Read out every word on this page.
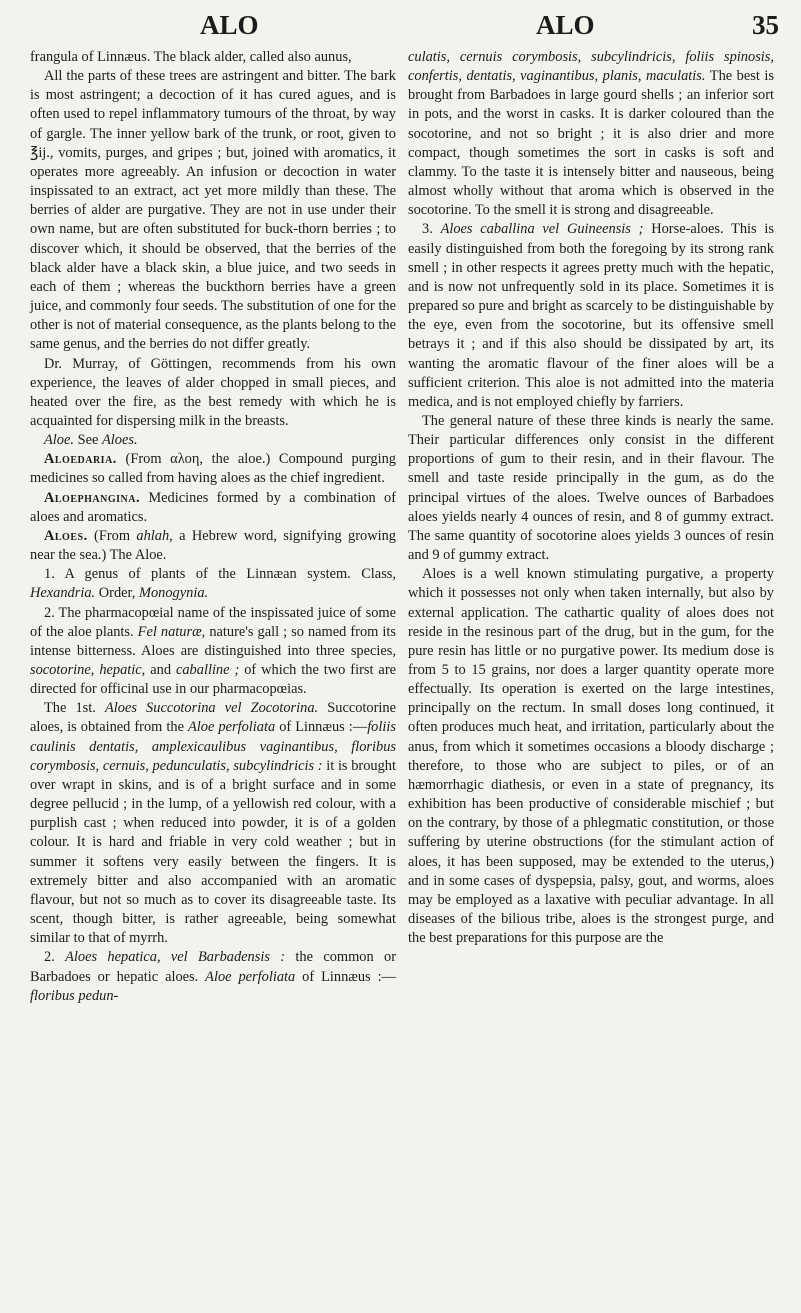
ALO	ALO	35

frangula of Linnæus. The black alder, called also aunus,

All the parts of these trees are astringent and bitter. The bark is most astringent; a decoction of it has cured agues, and is often used to repel inflammatory tumours of the throat, by way of gargle. The inner yellow bark of the trunk, or root, given to ℥ij., vomits, purges, and gripes ; but, joined with aromatics, it operates more agreeably. An infusion or decoction in water inspissated to an extract, act yet more mildly than these. The berries of alder are purgative. They are not in use under their own name, but are often substituted for buck-thorn berries ; to discover which, it should be observed, that the berries of the black alder have a black skin, a blue juice, and two seeds in each of them ; whereas the buckthorn berries have a green juice, and commonly four seeds. The substitution of one for the other is not of material consequence, as the plants belong to the same genus, and the berries do not differ greatly.

Dr. Murray, of Göttingen, recommends from his own experience, the leaves of alder chopped in small pieces, and heated over the fire, as the best remedy with which he is acquainted for dispersing milk in the breasts.

Aloe. See Aloes.

Aloedaria. (From αλοη, the aloe.) Compound purging medicines so called from having aloes as the chief ingredient.

Aloephangina. Medicines formed by a combination of aloes and aromatics.

Aloes. (From ahlah, a Hebrew word, signifying growing near the sea.) The Aloe.

1. A genus of plants of the Linnæan system. Class, Hexandria. Order, Monogynia.

2. The pharmacopœial name of the inspissated juice of some of the aloe plants. Fel naturæ, nature's gall ; so named from its intense bitterness. Aloes are distinguished into three species, socotorine, hepatic, and caballine ; of which the two first are directed for officinal use in our pharmacopœias.

The 1st. Aloes Succotorina vel Zocotorina. Succotorine aloes, is obtained from the Aloe perfoliata of Linnæus :—foliis caulinis dentatis, amplexicaulibus vaginantibus, floribus corymbosis, cernuis, pedunculatis, subcylindricis : it is brought over wrapt in skins, and is of a bright surface and in some degree pellucid ; in the lump, of a yellowish red colour, with a purplish cast ; when reduced into powder, it is of a golden colour. It is hard and friable in very cold weather ; but in summer it softens very easily between the fingers. It is extremely bitter and also accompanied with an aromatic flavour, but not so much as to cover its disagreeable taste. Its scent, though bitter, is rather agreeable, being somewhat similar to that of myrrh.

2. Aloes hepatica, vel Barbadensis : the common or Barbadoes or hepatic aloes. Aloe perfoliata of Linnæus :—floribus pedun-

culatis, cernuis corymbosis, subcylindricis, foliis spinosis, confertis, dentatis, vaginantibus, planis, maculatis. The best is brought from Barbadoes in large gourd shells ; an inferior sort in pots, and the worst in casks. It is darker coloured than the socotorine, and not so bright ; it is also drier and more compact, though sometimes the sort in casks is soft and clammy. To the taste it is intensely bitter and nauseous, being almost wholly without that aroma which is observed in the socotorine. To the smell it is strong and disagreeable.

3. Aloes caballina vel Guineensis ; Horse-aloes. This is easily distinguished from both the foregoing by its strong rank smell ; in other respects it agrees pretty much with the hepatic, and is now not unfrequently sold in its place. Sometimes it is prepared so pure and bright as scarcely to be distinguishable by the eye, even from the socotorine, but its offensive smell betrays it ; and if this also should be dissipated by art, its wanting the aromatic flavour of the finer aloes will be a sufficient criterion. This aloe is not admitted into the materia medica, and is not employed chiefly by farriers.

The general nature of these three kinds is nearly the same. Their particular differences only consist in the different proportions of gum to their resin, and in their flavour. The smell and taste reside principally in the gum, as do the principal virtues of the aloes. Twelve ounces of Barbadoes aloes yields nearly 4 ounces of resin, and 8 of gummy extract. The same quantity of socotorine aloes yields 3 ounces of resin and 9 of gummy extract.

Aloes is a well known stimulating purgative, a property which it possesses not only when taken internally, but also by external application. The cathartic quality of aloes does not reside in the resinous part of the drug, but in the gum, for the pure resin has little or no purgative power. Its medium dose is from 5 to 15 grains, nor does a larger quantity operate more effectually. Its operation is exerted on the large intestines, principally on the rectum. In small doses long continued, it often produces much heat, and irritation, particularly about the anus, from which it sometimes occasions a bloody discharge ; therefore, to those who are subject to piles, or of an hæmorrhagic diathesis, or even in a state of pregnancy, its exhibition has been productive of considerable mischief ; but on the contrary, by those of a phlegmatic constitution, or those suffering by uterine obstructions (for the stimulant action of aloes, it has been supposed, may be extended to the uterus,) and in some cases of dyspepsia, palsy, gout, and worms, aloes may be employed as a laxative with peculiar advantage. In all diseases of the bilious tribe, aloes is the strongest purge, and the best preparations for this purpose are the
